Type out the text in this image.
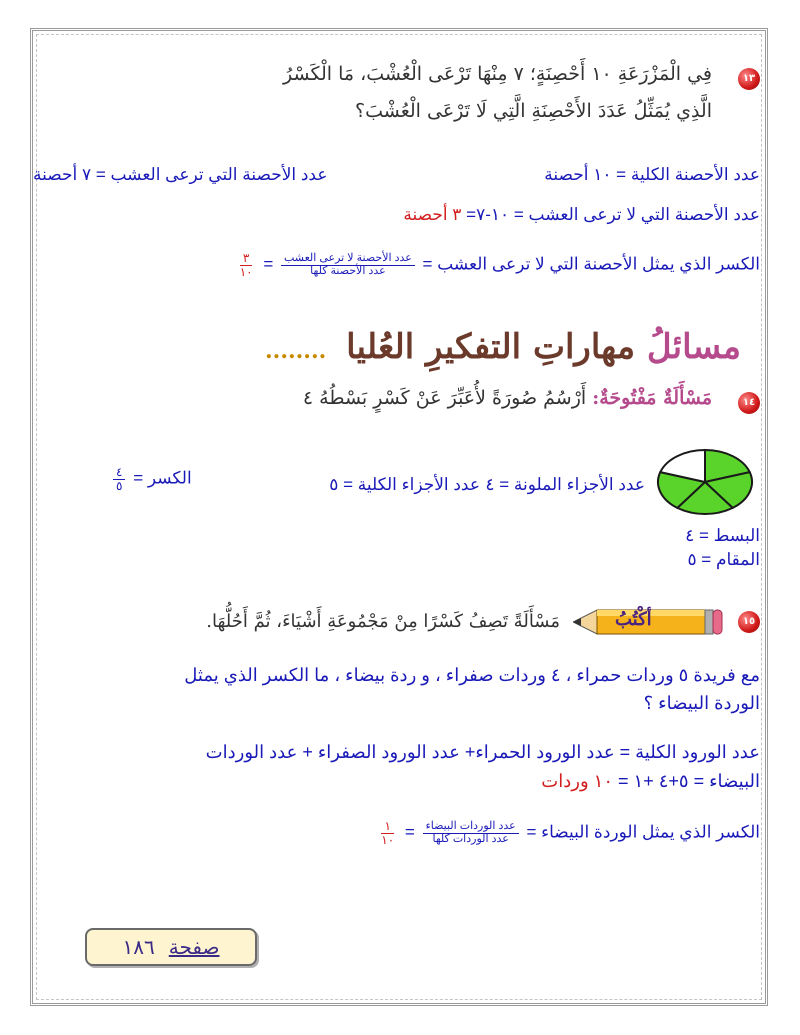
١٣
فِي الْمَزْرَعَةِ ١٠ أَحْصِنَةٍ؛ ٧ مِنْهَا تَرْعَى الْعُشْبَ، مَا الْكَسْرُ
الَّذِي يُمَثِّلُ عَدَدَ الأَحْصِنَةِ الَّتِي لَا تَرْعَى الْعُشْبَ؟
عدد الأحصنة الكلية = ١٠ أحصنة
عدد الأحصنة التي ترعى العشب = ٧ أحصنة
عدد الأحصنة التي لا ترعى العشب = ١٠-٧= ٣ أحصنة
الكسر الذي يمثل الأحصنة التي لا ترعى العشب =
$\frac{\text{عدد الأحصنة لا ترعى العشب}}{\text{عدد الأحصنة كلها}}$
=
$\frac{٣}{١٠}$
مسائلُ مهاراتِ التفكيرِ العُليا ........
١٤
مَسْأَلَةٌ مَفْتُوحَةٌ: أَرْسُمُ صُورَةً لأُعَبِّرَ عَنْ كَسْرٍ بَسْطُهُ ٤
عدد الأجزاء الملونة = ٤
عدد الأجزاء الكلية = ٥
الكسر =
$\frac{٤}{٥}$
البسط = ٤
المقام = ٥
١٥
أكْتُبُ
مَسْأَلَةً تَصِفُ كَسْرًا مِنْ مَجْمُوعَةِ أَشْيَاءَ، ثُمَّ أَحُلُّهَا.
مع فريدة ٥ وردات حمراء ، ٤ وردات صفراء ، و ردة بيضاء ، ما الكسر الذي يمثل
الوردة البيضاء ؟
عدد الورود الكلية = عدد الورود الحمراء+ عدد الورود الصفراء + عدد الوردات
البيضاء = ٥+٤ +١ = ١٠ وردات
الكسر الذي يمثل الوردة البيضاء =
$\frac{\text{عدد الوردات البيضاء}}{\text{عدد الوردات كلها}}$
=
$\frac{١}{١٠}$
صفحة
١٨٦
